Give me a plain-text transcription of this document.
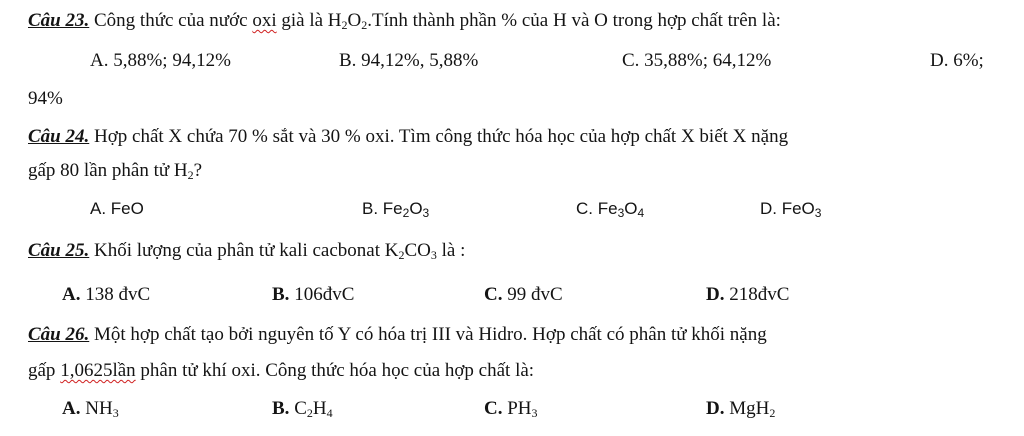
Câu 23. Công thức của nước oxi già là $H_2O_2.Tính$ thành phần % của H và O trong hợp chất trên là:
A. 5,88%; 94,12%	B. 94,12%, 5,88%	C. 35,88%; 64,12%	D. 6%;
94%
Câu 24. Hợp chất X chứa 70 % sắt và 30 % oxi. Tìm công thức hóa học của hợp chất X biết X nặng
gấp 80 lần phân tử $H_2$?
A. FeO	B. $Fe_2O_3$	C. $Fe_3O_4$	D. FeO$_3$
Câu 25. Khối lượng của phân tử kali cacbonat $K_2CO_3$ là :
A. 138 đvC	B. 106đvC	C. 99 đvC	D. 218đvC
Câu 26. Một hợp chất tạo bởi nguyên tố Y có hóa trị III và Hidro. Hợp chất có phân tử khối nặng
gấp 1,0625lần phân tử khí oxi. Công thức hóa học của hợp chất là:
A. $NH_3$	B. $C_2H_4$	C. $PH_3$	D. MgH$_2$
